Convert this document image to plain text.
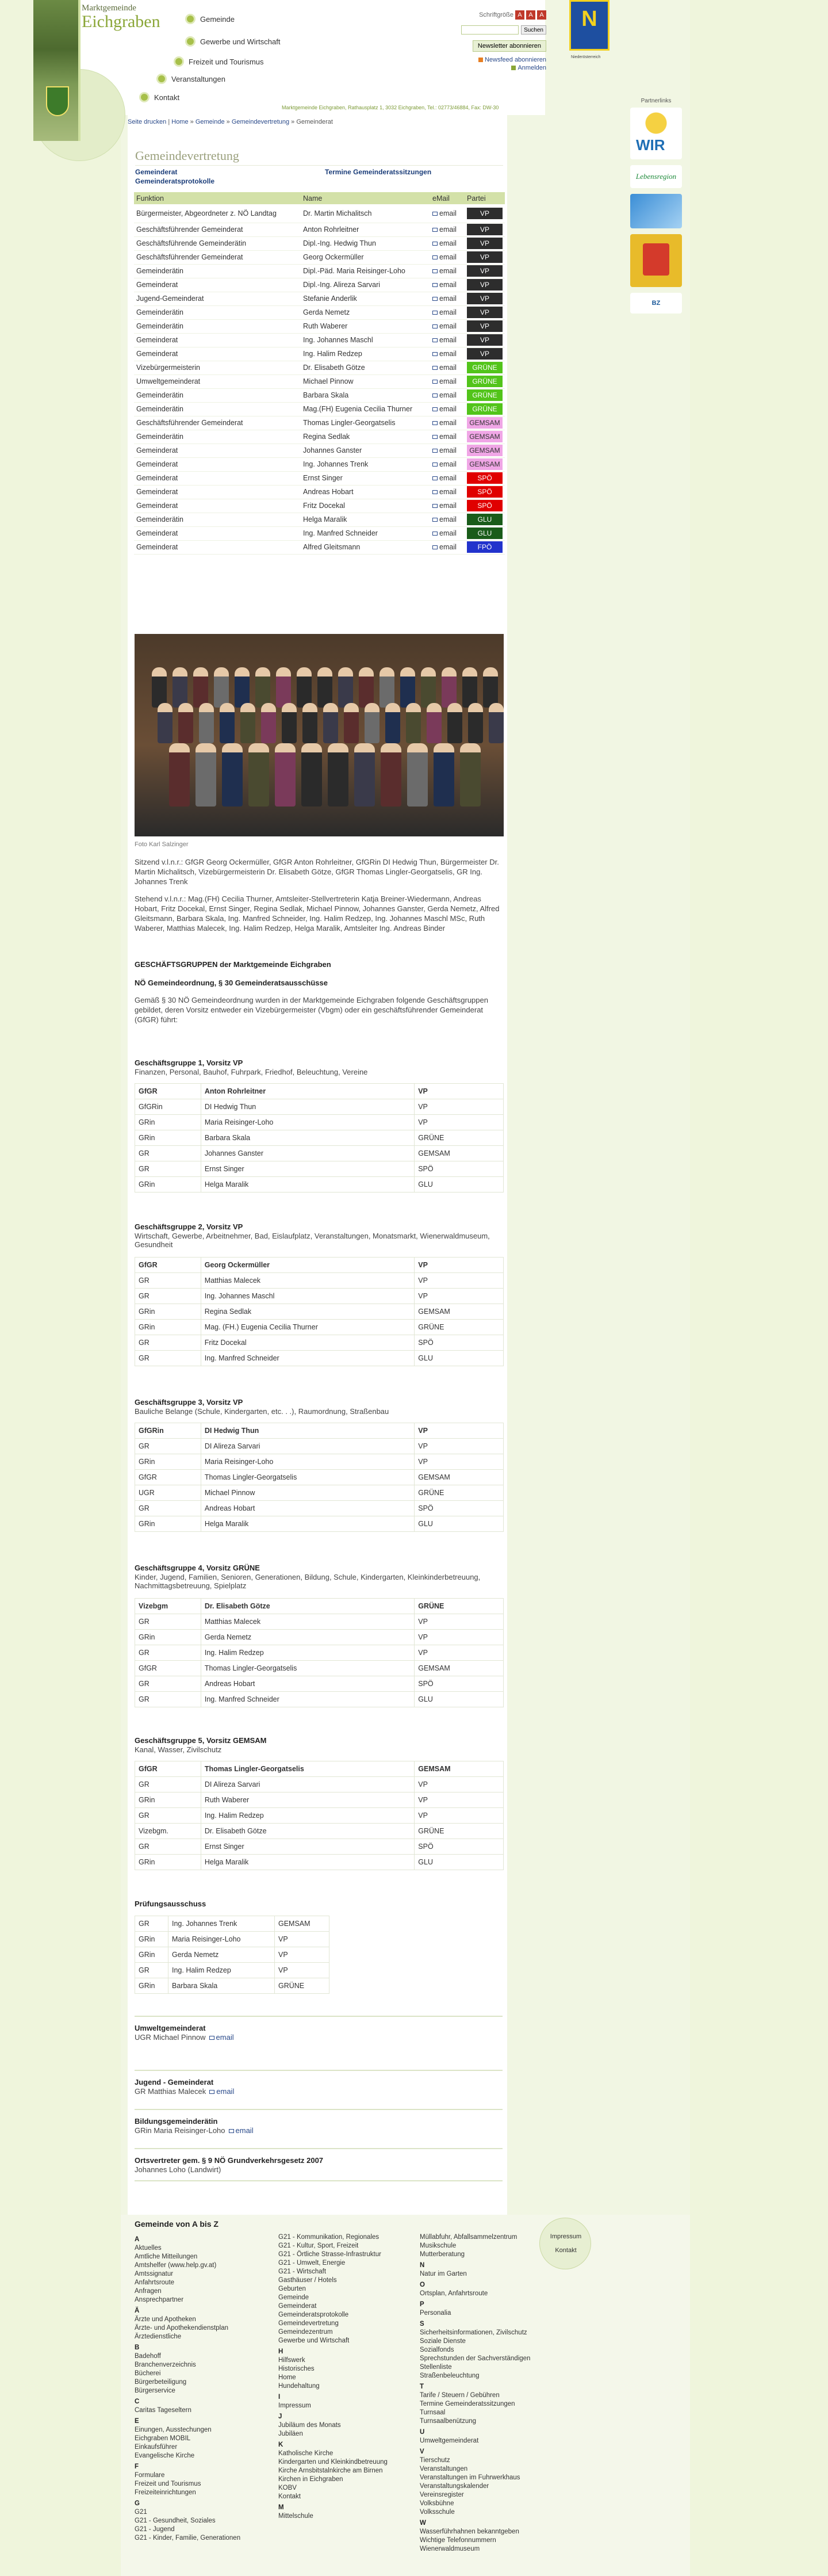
Marktgemeinde
Eichgraben	Gemeinde
Gewerbe und Wirtschaft
Freizeit und Tourismus
Veranstaltungen
Kontakt
Schriftgröße A	A	A
Suchen
Newsletter abonnieren
Newsfeed abonnieren
Anmelden
Marktgemeinde Eichgraben, Rathausplatz 1, 3032 Eichgraben, Tel.: 02773/46884, Fax: DW-30
N
Niederösterreich
Partnerlinks
WIR
Lebensregion
BZ
Seite drucken | Home » Gemeinde » Gemeindevertretung » Gemeinderat
Gemeindevertretung
Gemeinderat	Termine Gemeinderatssitzungen
Gemeinderatsprotokolle
Funktion	Name	eMail	Partei
Bürgermeister, Abgeordneter z. NÖ Landtag	Dr. Martin Michalitsch	email	VP

Geschäftsführender Gemeinderat	Anton Rohrleitner	email	VP

Geschäftsführende Gemeinderätin	Dipl.-Ing. Hedwig Thun	email	VP

Geschäftsführender Gemeinderat	Georg Ockermüller	email	VP

Gemeinderätin	Dipl.-Päd. Maria Reisinger-Loho	email	VP

Gemeinderat	Dipl.-Ing. Alireza Sarvari	email	VP

Jugend-Gemeinderat	Stefanie Anderlik	email	VP

Gemeinderätin	Gerda Nemetz	email	VP

Gemeinderätin	Ruth Waberer	email	VP

Gemeinderat	Ing. Johannes Maschl	email	VP

Gemeinderat	Ing. Halim Redzep	email	VP

Vizebürgermeisterin	Dr. Elisabeth Götze	email	GRÜNE

Umweltgemeinderat	Michael Pinnow	email	GRÜNE

Gemeinderätin	Barbara Skala	email	GRÜNE

Gemeinderätin	Mag.(FH) Eugenia Cecilia Thurner	email	GRÜNE

Geschäftsführender Gemeinderat	Thomas Lingler-Georgatselis	email	GEMSAM

Gemeinderätin	Regina Sedlak	email	GEMSAM

Gemeinderat	Johannes Ganster	email	GEMSAM

Gemeinderat	Ing. Johannes Trenk	email	GEMSAM

Gemeinderat	Ernst Singer	email	SPÖ

Gemeinderat	Andreas Hobart	email	SPÖ

Gemeinderat	Fritz Docekal	email	SPÖ

Gemeinderätin	Helga Maralik	email	GLU

Gemeinderat	Ing. Manfred Schneider	email	GLU

Gemeinderat	Alfred Gleitsmann	email	FPÖ
Foto Karl Salzinger
Sitzend v.l.n.r.: GfGR Georg Ockermüller, GfGR Anton Rohrleitner, GfGRin DI Hedwig Thun, Bürgermeister Dr. Martin Michalitsch, Vizebürgermeisterin Dr. Elisabeth Götze, GfGR Thomas Lingler-Georgatselis, GR Ing. Johannes Trenk
Stehend v.l.n.r.: Mag.(FH) Cecilia Thurner, Amtsleiter-Stellvertreterin Katja Breiner-Wiedermann, Andreas Hobart, Fritz Docekal, Ernst Singer, Regina Sedlak, Michael Pinnow, Johannes Ganster, Gerda Nemetz, Alfred Gleitsmann, Barbara Skala, Ing. Manfred Schneider, Ing. Halim Redzep, Ing. Johannes Maschl MSc, Ruth Waberer, Matthias Malecek, Ing. Halim Redzep, Helga Maralik, Amtsleiter Ing. Andreas Binder
GESCHÄFTSGRUPPEN der Marktgemeinde Eichgraben
NÖ Gemeindeordnung, § 30 Gemeinderatsausschüsse
Gemäß § 30 NÖ Gemeindeordnung wurden in der Marktgemeinde Eichgraben folgende Geschäftsgruppen gebildet, deren Vorsitz entweder ein Vizebürgermeister (Vbgm) oder ein geschäftsführender Gemeinderat (GfGR) führt:
Geschäftsgruppe 1, Vorsitz VP
Finanzen, Personal, Bauhof, Fuhrpark, Friedhof, Beleuchtung, Vereine
GfGR	Anton Rohrleitner	VP
GfGRin	DI Hedwig Thun	VP
GRin	Maria Reisinger-Loho	VP
GRin	Barbara Skala	GRÜNE
GR	Johannes Ganster	GEMSAM
GR	Ernst Singer	SPÖ
GRin	Helga Maralik	GLU
Geschäftsgruppe 2, Vorsitz VP
Wirtschaft, Gewerbe, Arbeitnehmer, Bad, Eislaufplatz, Veranstaltungen, Monatsmarkt, Wienerwaldmuseum, Gesundheit
GfGR	Georg Ockermüller	VP
GR	Matthias Malecek	VP
GR	Ing. Johannes Maschl	VP
GRin	Regina Sedlak	GEMSAM
GRin	Mag. (FH.) Eugenia Cecilia Thurner	GRÜNE
GR	Fritz Docekal	SPÖ
GR	Ing. Manfred Schneider	GLU
Geschäftsgruppe 3, Vorsitz VP
Bauliche Belange (Schule, Kindergarten, etc. . .), Raumordnung, Straßenbau
GfGRin	DI Hedwig Thun	VP
GR	DI Alireza Sarvari	VP
GRin	Maria Reisinger-Loho	VP
GfGR	Thomas Lingler-Georgatselis	GEMSAM
UGR	Michael Pinnow	GRÜNE
GR	Andreas Hobart	SPÖ
GRin	Helga Maralik	GLU
Geschäftsgruppe 4, Vorsitz GRÜNE
Kinder, Jugend, Familien, Senioren, Generationen, Bildung, Schule, Kindergarten, Kleinkinderbetreuung, Nachmittagsbetreuung, Spielplatz
Vizebgm	Dr. Elisabeth Götze	GRÜNE
GR	Matthias Malecek	VP
GRin	Gerda Nemetz	VP
GR	Ing. Halim Redzep	VP
GfGR	Thomas Lingler-Georgatselis	GEMSAM
GR	Andreas Hobart	SPÖ
GR	Ing. Manfred Schneider	GLU
Geschäftsgruppe 5, Vorsitz GEMSAM
Kanal, Wasser, Zivilschutz
GfGR	Thomas Lingler-Georgatselis	GEMSAM
GR	DI Alireza Sarvari	VP
GRin	Ruth Waberer	VP
GR	Ing. Halim Redzep	VP
Vizebgm.	Dr. Elisabeth Götze	GRÜNE
GR	Ernst Singer	SPÖ
GRin	Helga Maralik	GLU
Prüfungsausschuss
GR	Ing. Johannes Trenk	GEMSAM
GRin	Maria Reisinger-Loho	VP
GRin	Gerda Nemetz	VP
GR	Ing. Halim Redzep	VP
GRin	Barbara Skala	GRÜNE
Umweltgemeinderat
UGR Michael Pinnow email
Jugend - Gemeinderat
GR Matthias Malecek email
Bildungsgemeinderätin
GRin Maria Reisinger-Loho email
Ortsvertreter gem. § 9 NÖ Grundverkehrsgesetz 2007
Johannes Loho (Landwirt)
Gemeinde von A bis Z
A
Aktuelles
Amtliche Mitteilungen
Amtshelfer (www.help.gv.at)
Amtssignatur
Anfahrtsroute
Anfragen
Ansprechpartner
Ä
Ärzte und Apotheken
Ärzte- und Apothekendienstplan
Ärztedienstliche
B
Badehoff
Branchenverzeichnis
Bücherei
Bürgerbeteiligung
Bürgerservice
C
Caritas Tageseltern
E
Einungen, Ausstechungen
Eichgraben MOBIL
Einkaufsführer
Evangelische Kirche
F
Formulare
Freizeit und Tourismus
Freizeiteinrichtungen
G
G21
G21 - Gesundheit, Soziales
G21 - Jugend
G21 - Kinder, Familie, Generationen
G21 - Kommunikation, Regionales
G21 - Kultur, Sport, Freizeit
G21 - Örtliche Strasse-Infrastruktur
G21 - Umwelt, Energie
G21 - Wirtschaft
Gasthäuser / Hotels
Geburten
Gemeinde
Gemeinderat
Gemeinderatsprotokolle
Gemeindevertretung
Gemeindezentrum
Gewerbe und Wirtschaft
H
Hilfswerk
Historisches
Home
Hundehaltung
I
Impressum
J
Jubiläum des Monats
Jubiläen
K
Katholische Kirche
Kindergarten und Kleinkindbetreuung
Kirche Arnsbitstalnkirche am Birnen
Kirchen in Eichgraben
KOBV
Kontakt
M
Mittelschule
Müllabfuhr, Abfallsammelzentrum
Musikschule
Mutterberatung
N
Natur im Garten
O
Ortsplan, Anfahrtsroute
P
Personalia
S
Sicherheitsinformationen, Zivilschutz
Soziale Dienste
Sozialfonds
Sprechstunden der Sachverständigen
Stellenliste
Straßenbeleuchtung
T
Tarife / Steuern / Gebühren
Termine Gemeinderatssitzungen
Turnsaal
Turnsaalbenützung
U
Umweltgemeinderat
V
Tierschutz
Veranstaltungen
Veranstaltungen im Fuhrwerkhaus
Veranstaltungskalender
Vereinsregister
Volksbühne
Volksschule
W
Wasserführhahnen bekanntgeben
Wichtige Telefonnummern
Wienerwaldmuseum
Impressum
Kontakt
